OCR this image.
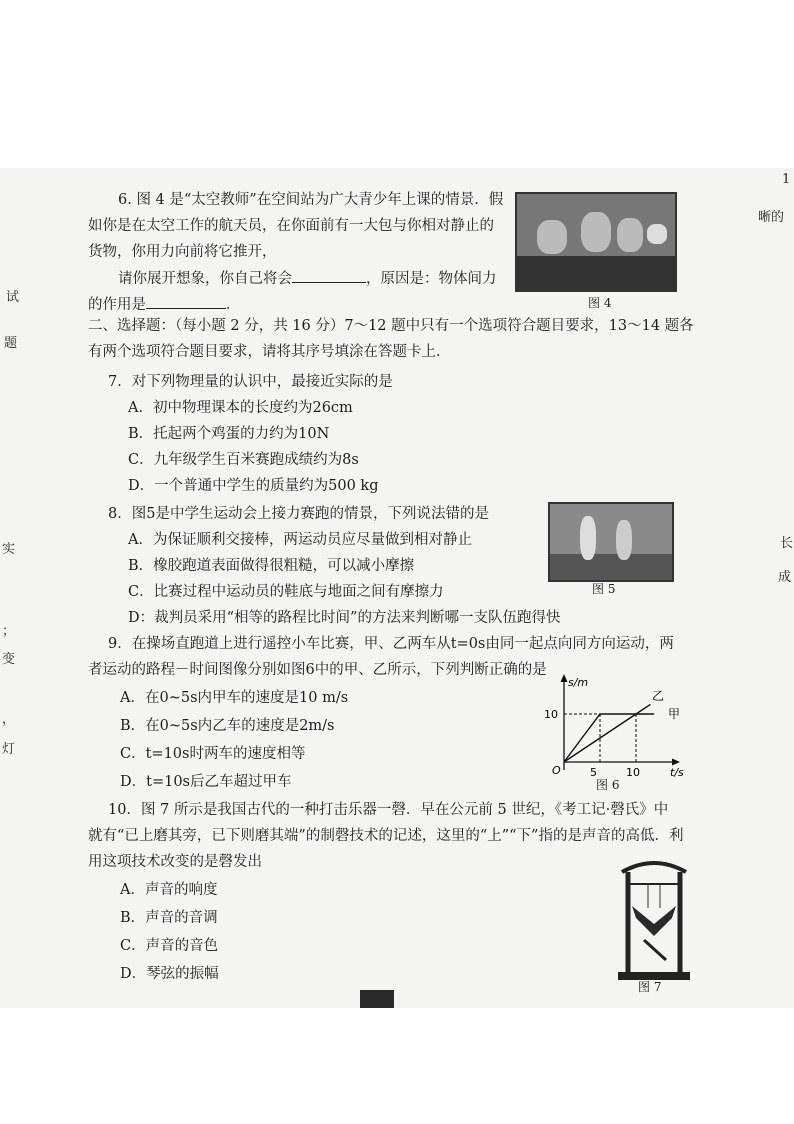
试
题
实
；
变
，
灯
1
晰的
长
成
6. 图 4 是“太空教师”在空间站为广大青少年上课的情景．假
如你是在太空工作的航天员，在你面前有一大包与你相对静止的
货物，你用力向前将它推开，
请你展开想象，你自己将会	，原因是：物体间力
的作用是	．	图 4
二、选择题：（每小题 2 分，共 16 分）7～12 题中只有一个选项符合题目要求，13～14 题各
有两个选项符合题目要求，请将其序号填涂在答题卡上．
7．对下列物理量的认识中，最接近实际的是
A．初中物理课本的长度约为26cm
B．托起两个鸡蛋的力约为10N
C．九年级学生百米赛跑成绩约为8s
D．一个普通中学生的质量约为500 kg
8．图5是中学生运动会上接力赛跑的情景，下列说法错的是
A．为保证顺利交接棒，两运动员应尽量做到相对静止
B．橡胶跑道表面做得很粗糙，可以减小摩擦
C．比赛过程中运动员的鞋底与地面之间有摩擦力
D：裁判员采用“相等的路程比时间”的方法来判断哪一支队伍跑得快
图 5
9．在操场直跑道上进行遥控小车比赛，甲、乙两车从t=0s由同一起点向同方向运动，两
者运动的路程－时间图像分别如图6中的甲、乙所示，下列判断正确的是
A．在0~5s内甲车的速度是10 m/s
B．在0~5s内乙车的速度是2m/s
C．t=10s时两车的速度相等
D．t=10s后乙车超过甲车
s/m
t/s
O
10
5	10
甲
乙
图 6
10．图 7 所示是我国古代的一种打击乐器一磬．早在公元前 5 世纪，《考工记·磬氏》中
就有“已上磨其旁，已下则磨其端”的制磬技术的记述，这里的“上”“下”指的是声音的高低．利
用这项技术改变的是磬发出
A．声音的响度
B．声音的音调
C．声音的音色
D．琴弦的振幅
图 7
